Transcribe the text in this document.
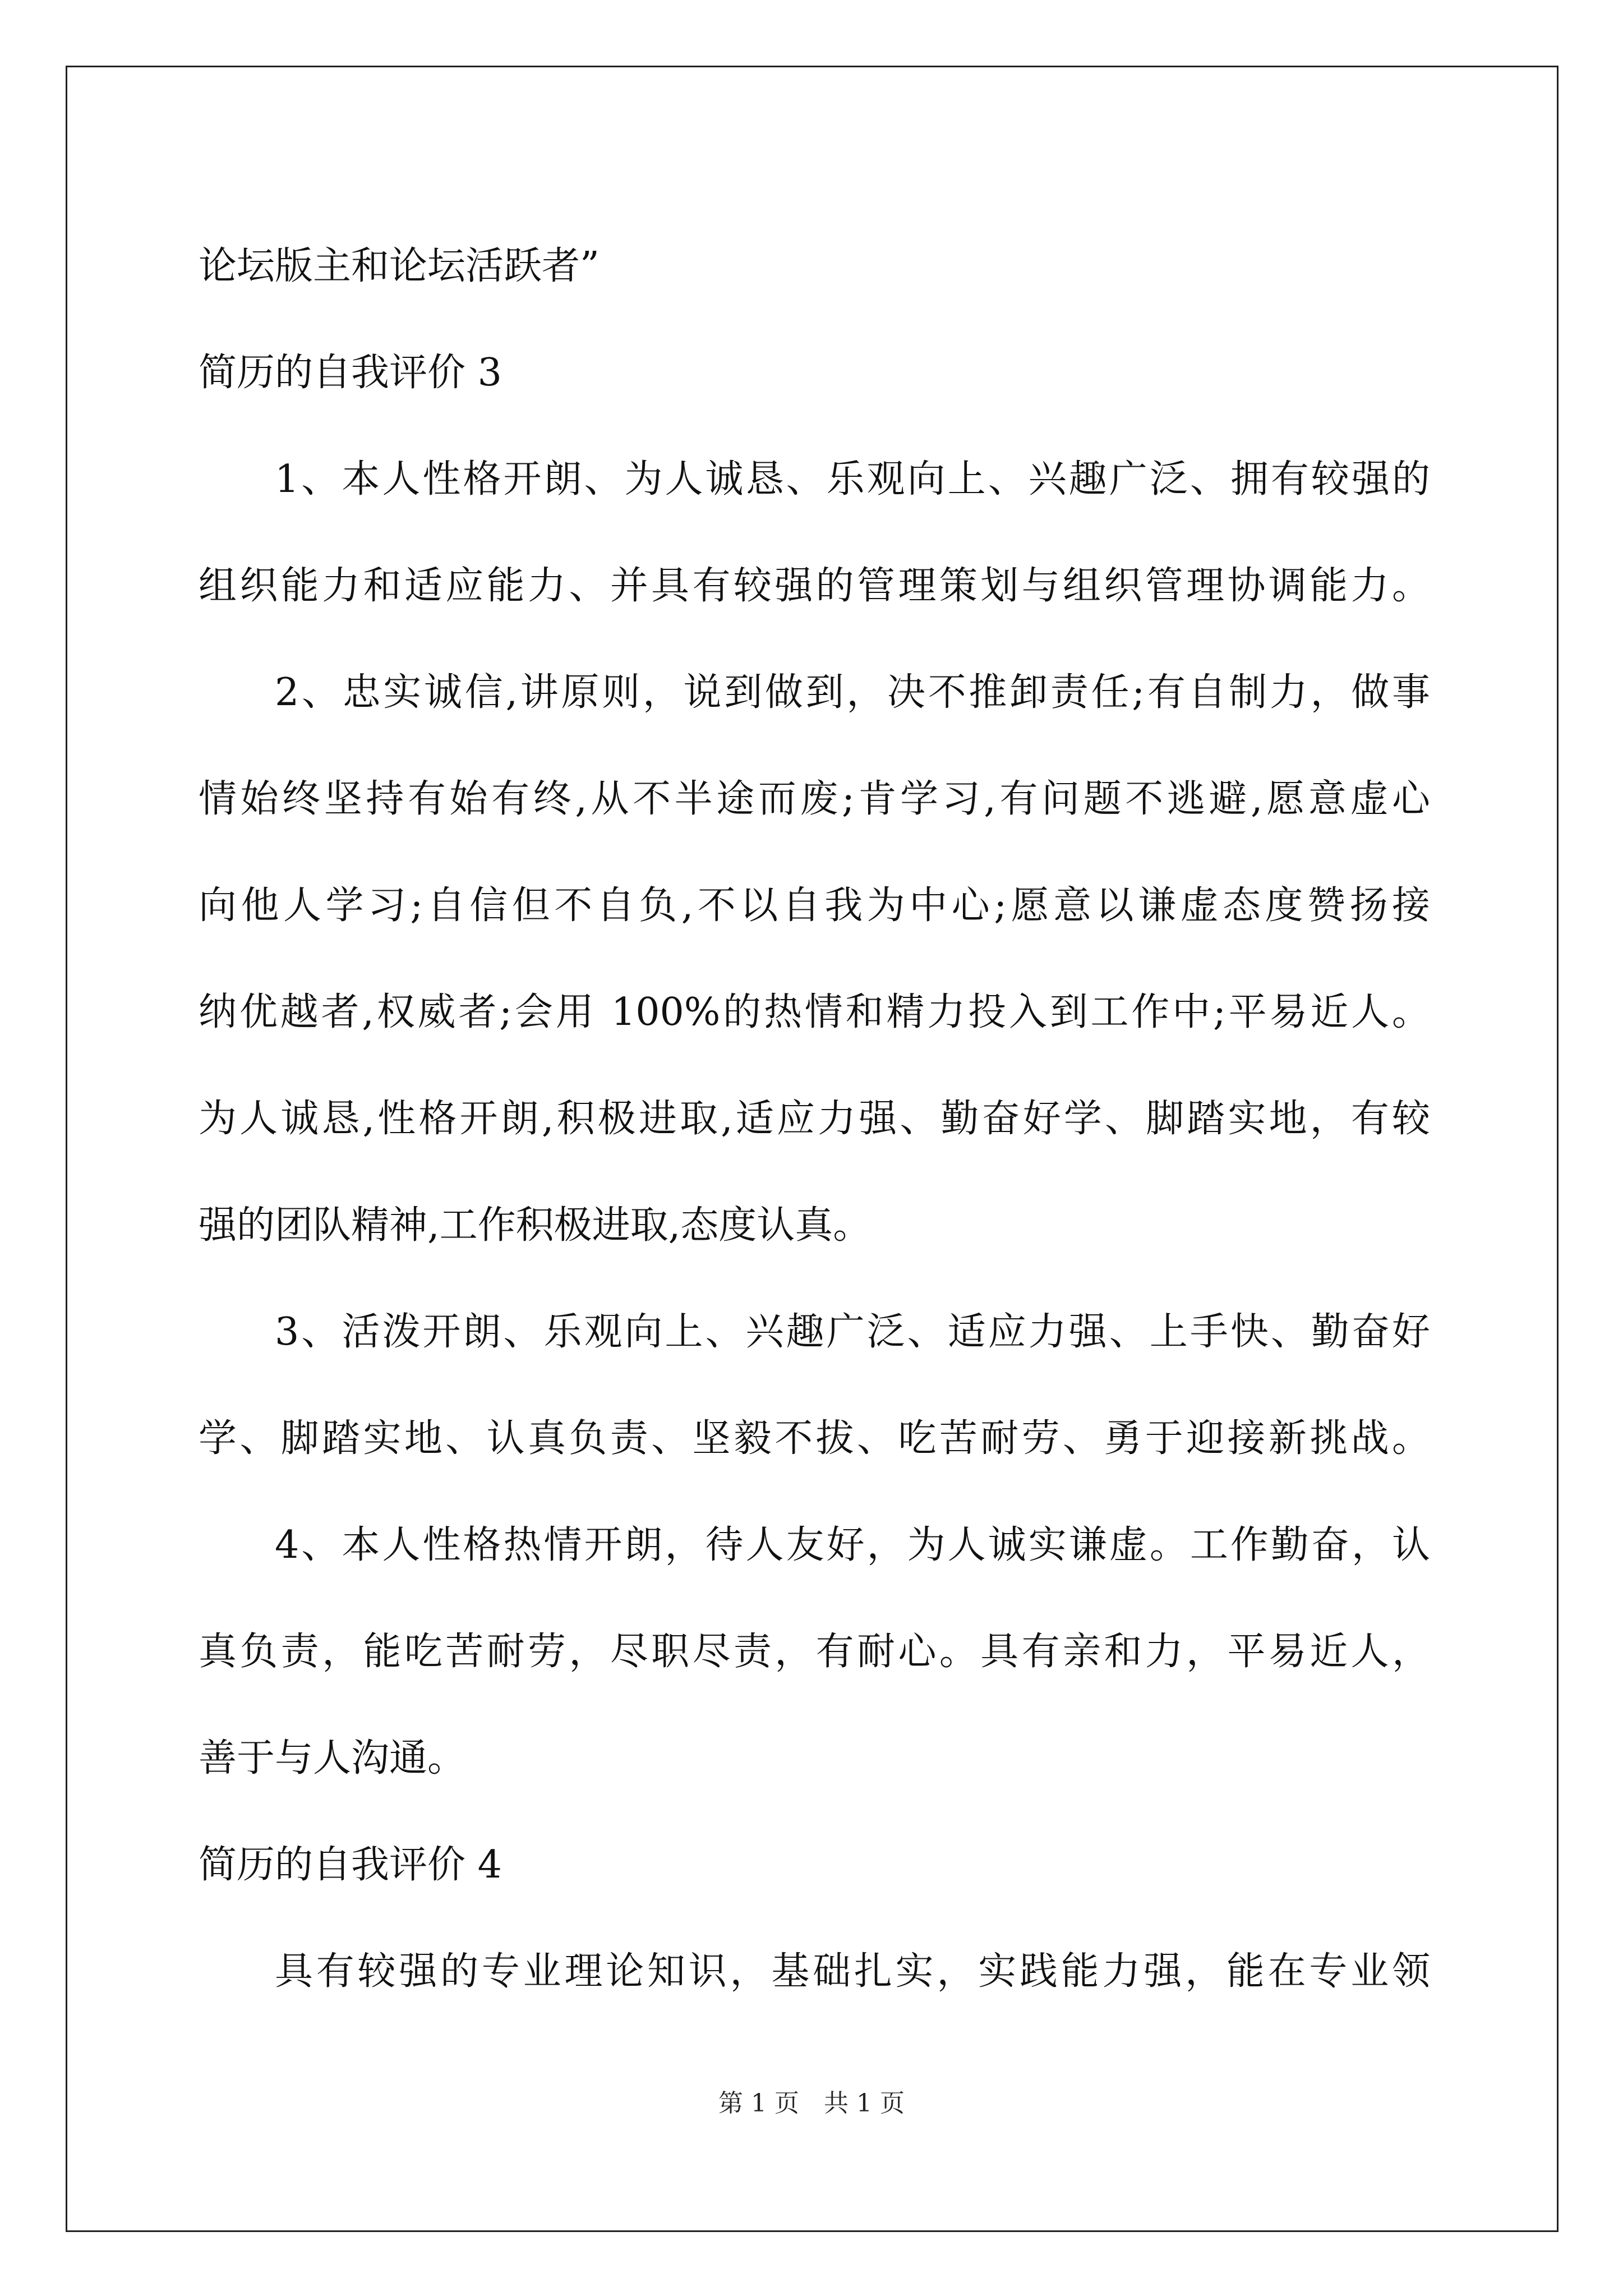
论坛版主和论坛活跃者”
简历的自我评价 3
1、本人性格开朗、为人诚恳、乐观向上、兴趣广泛、拥有较强的
组织能力和适应能力、并具有较强的管理策划与组织管理协调能力。
2、忠实诚信,讲原则，说到做到，决不推卸责任;有自制力，做事
情始终坚持有始有终,从不半途而废;肯学习,有问题不逃避,愿意虚心
向他人学习;自信但不自负,不以自我为中心;愿意以谦虚态度赞扬接
纳优越者,权威者;会用 100%的热情和精力投入到工作中;平易近人。
为人诚恳,性格开朗,积极进取,适应力强、勤奋好学、脚踏实地，有较
强的团队精神,工作积极进取,态度认真。
3、活泼开朗、乐观向上、兴趣广泛、适应力强、上手快、勤奋好
学、脚踏实地、认真负责、坚毅不拔、吃苦耐劳、勇于迎接新挑战。
4、本人性格热情开朗，待人友好，为人诚实谦虚。工作勤奋，认
真负责，能吃苦耐劳，尽职尽责，有耐心。具有亲和力，平易近人，
善于与人沟通。
简历的自我评价 4
具有较强的专业理论知识，基础扎实，实践能力强，能在专业领
第 1 页　共 1 页
